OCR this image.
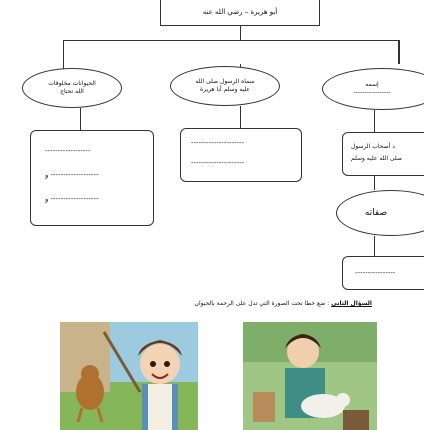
أبو هريرة – رضي الله عنه
الحيوانات مخلوقات
الله تحتاج
سماه الرسول صلى الله
عليه وسلم أبا هريرة
إسمه
-----------------
------------------
------------------- و
------------------- و
---------------------
---------------------
د أصحاب الرسول
صلى الله عليه وسلم
صفاته
----------------
السؤال الثاني : ضع خطا تحت الصورة التي تدل على الرحمة بالحيوان
